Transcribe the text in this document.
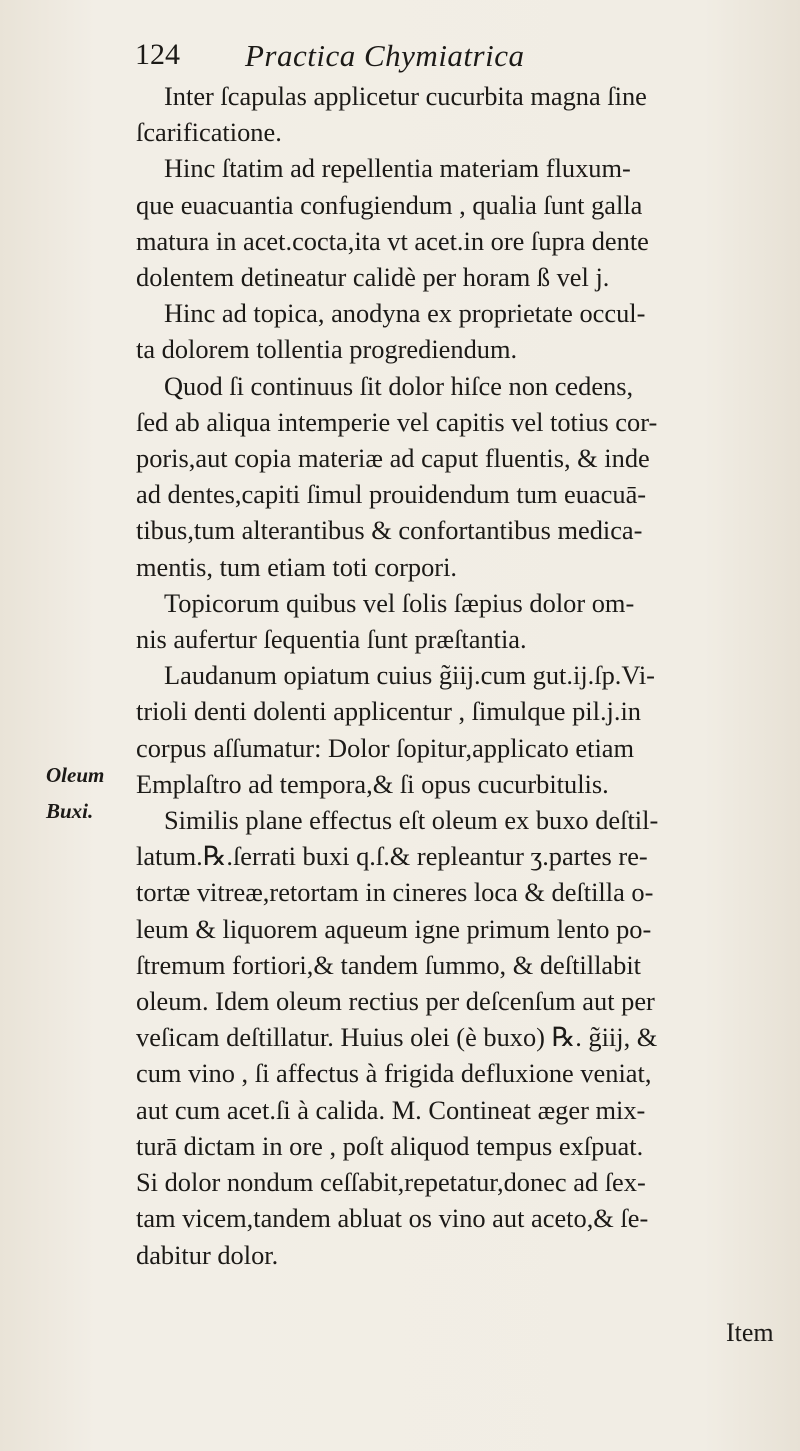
124 Practica Chymiatrica
Oleum
Buxi.
Inter ſcapulas applicetur cucurbita magna ſine
ſcarificatione.
Hinc ſtatim ad repellentia materiam fluxum-
que euacuantia confugiendum , qualia ſunt galla
matura in acet.cocta,ita vt acet.in ore ſupra dente
dolentem detineatur calidè per horam ß vel j.
Hinc ad topica, anodyna ex proprietate occul-
ta dolorem tollentia progrediendum.
Quod ſi continuus ſit dolor hiſce non cedens,
ſed ab aliqua intemperie vel capitis vel totius cor-
poris,aut copia materiæ ad caput fluentis, & inde
ad dentes,capiti ſimul prouidendum tum euacuā-
tibus,tum alterantibus & confortantibus medica-
mentis, tum etiam toti corpori.
Topicorum quibus vel ſolis ſæpius dolor om-
nis aufertur ſequentia ſunt præſtantia.
Laudanum opiatum cuius g̃iij.cum gut.ij.ſp.Vi-
trioli denti dolenti applicentur , ſimulque pil.j.in
corpus aſſumatur: Dolor ſopitur,applicato etiam
Emplaſtro ad tempora,& ſi opus cucurbitulis.
Similis plane effectus eſt oleum ex buxo deſtil-
latum.℞.ſerrati buxi q.ſ.& repleantur ʒ.partes re-
tortæ vitreæ,retortam in cineres loca & deſtilla o-
leum & liquorem aqueum igne primum lento po-
ſtremum fortiori,& tandem ſummo, & deſtillabit
oleum. Idem oleum rectius per deſcenſum aut per
veſicam deſtillatur. Huius olei (è buxo) ℞. g̃iij, &
cum vino , ſi affectus à frigida defluxione veniat,
aut cum acet.ſi à calida. M. Contineat æger mix-
turā dictam in ore , poſt aliquod tempus exſpuat.
Si dolor nondum ceſſabit,repetatur,donec ad ſex-
tam vicem,tandem abluat os vino aut aceto,& ſe-
dabitur dolor.
Item
